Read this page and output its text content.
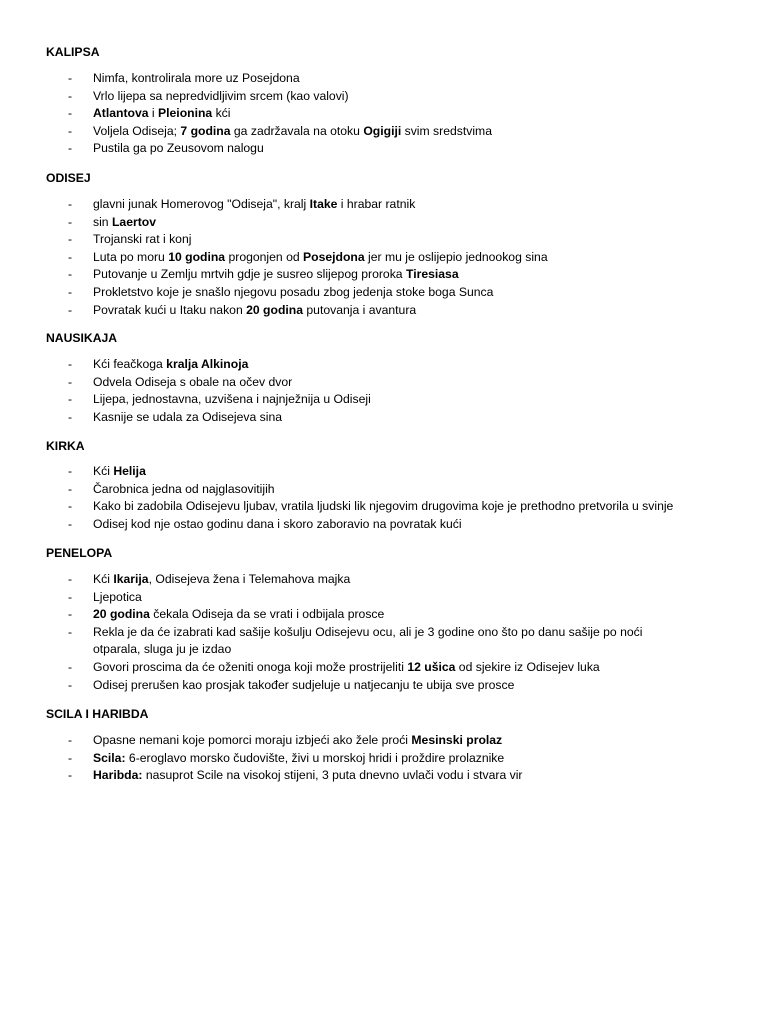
KALIPSA
- Nimfa, kontrolirala more uz Posejdona
- Vrlo lijepa sa nepredvidljivim srcem (kao valovi)
- Atlantova i Pleionina kći
- Voljela Odiseja; 7 godina ga zadržavala na otoku Ogigiji svim sredstvima
- Pustila ga po Zeusovom nalogu
ODISEJ
- glavni junak Homerovog "Odiseja", kralj Itake i hrabar ratnik
- sin Laertov
- Trojanski rat i konj
- Luta po moru 10 godina progonjen od Posejdona jer mu je oslijepio jednookog sina
- Putovanje u Zemlju mrtvih gdje je susreo slijepog proroka Tiresiasa
- Prokletstvo koje je snašlo njegovu posadu zbog jedenja stoke boga Sunca
- Povratak kući u Itaku nakon 20 godina putovanja i avantura
NAUSIKAJA
- Kći feačkoga kralja Alkinoja
- Odvela Odiseja s obale na očev dvor
- Lijepa, jednostavna, uzvišena i najnježnija u Odiseji
- Kasnije se udala za Odisejeva sina
KIRKA
- Kći Helija
- Čarobnica jedna od najglasovitijih
- Kako bi zadobila Odisejevu ljubav, vratila ljudski lik njegovim drugovima koje je prethodno pretvorila u svinje
- Odisej kod nje ostao godinu dana i skoro zaboravio na povratak kući
PENELOPA
- Kći Ikarija, Odisejeva žena i Telemahova majka
- Ljepotica
- 20 godina čekala Odiseja da se vrati i odbijala prosce
- Rekla je da će izabrati kad sašije košulju Odisejevu ocu, ali je 3 godine ono što po danu sašije po noći otparala, sluga ju je izdao
- Govori proscima da će oženiti onoga koji može prostrijeliti 12 ušica od sjekire iz Odisejev luka
- Odisej prerušen kao prosjak također sudjeluje u natjecanju te ubija sve prosce
SCILA I HARIBDA
- Opasne nemani koje pomorci moraju izbjeći ako žele proći Mesinski prolaz
- Scila: 6-eroglavo morsko čudovište, živi u morskoj hridi i proždire prolaznike
- Haribda: nasuprot Scile na visokoj stijeni, 3 puta dnevno uvlači vodu i stvara vir
